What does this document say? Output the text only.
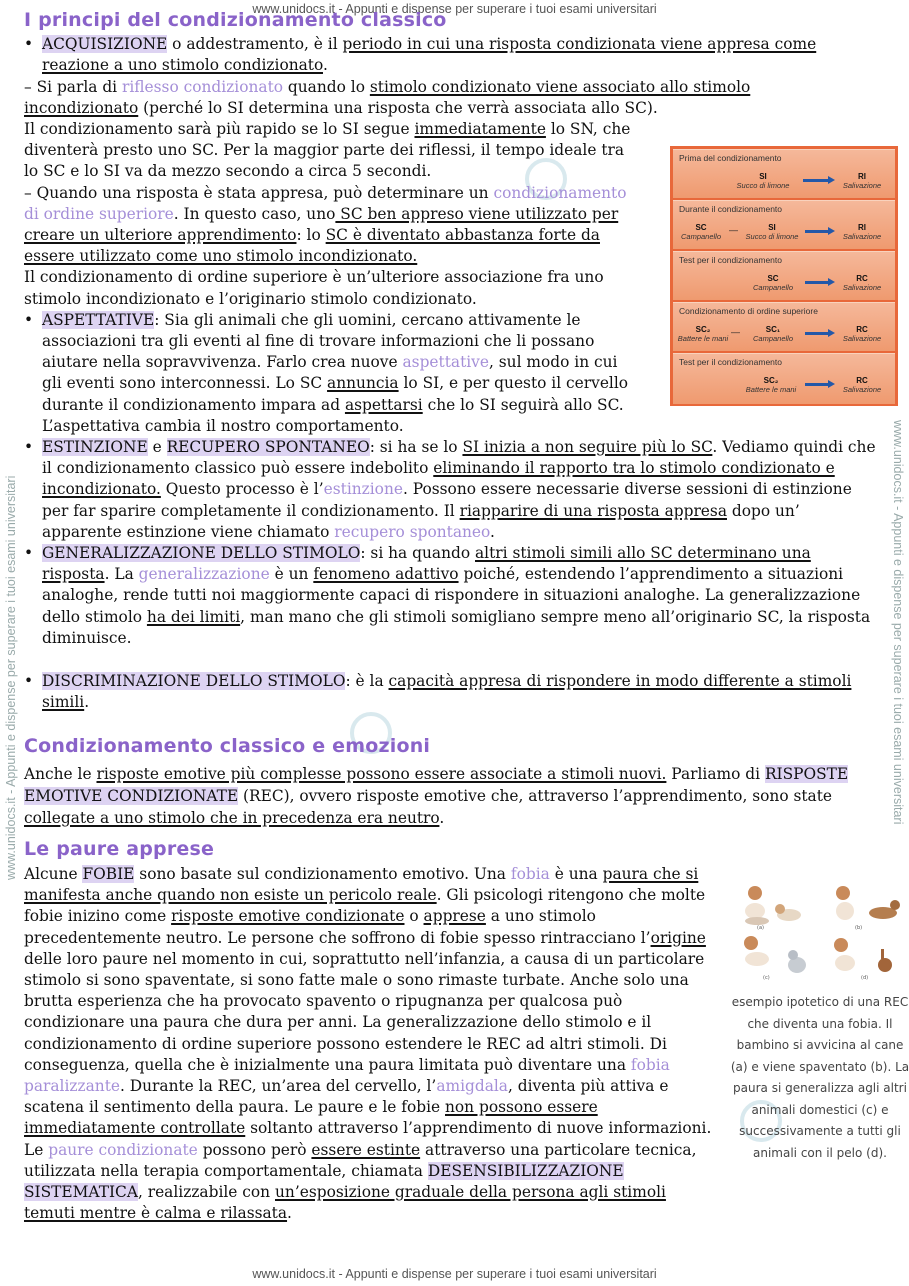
www.unidocs.it - Appunti e dispense per superare i tuoi esami universitari
www.unidocs.it - Appunti e dispense per superare i tuoi esami universitari
www.unidocs.it - Appunti e dispense per superare i tuoi esami universitari	www.unidocs.it - Appunti e dispense per superare i tuoi esami universitari
I principi del condizionamento classico
• ACQUISIZIONE o addestramento, è il periodo in cui una risposta condizionata viene appresa come reazione a uno stimolo condizionato.

– Si parla di riflesso condizionato quando lo stimolo condizionato viene associato allo stimolo incondizionato (perché lo SI determina una risposta che verrà associata allo SC).

Il condizionamento sarà più rapido se lo SI segue immediatamente lo SN, che diventerà presto uno SC. Per la maggior parte dei riflessi, il tempo ideale tra lo SC e lo SI va da mezzo secondo a circa 5 secondi.

– Quando una risposta è stata appresa, può determinare un condizionamento di ordine superiore. In questo caso, uno SC ben appreso viene utilizzato per creare un ulteriore apprendimento: lo SC è diventato abbastanza forte da essere utilizzato come uno stimolo incondizionato.

Il condizionamento di ordine superiore è un’ulteriore associazione fra uno stimolo incondizionato e l’originario stimolo condizionato.

• ASPETTATIVE: Sia gli animali che gli uomini, cercano attivamente le associazioni tra gli eventi al fine di trovare informazioni che li possano aiutare nella sopravvivenza. Farlo crea nuove aspettative, sul modo in cui gli eventi sono interconnessi. Lo SC annuncia lo SI, e per questo il cervello durante il condizionamento impara ad aspettarsi che lo SI seguirà allo SC. L’aspettativa cambia il nostro comportamento.
• ESTINZIONE e RECUPERO SPONTANEO: si ha se lo SI inizia a non seguire più lo SC. Vediamo quindi che il condizionamento classico può essere indebolito eliminando il rapporto tra lo stimolo condizionato e incondizionato. Questo processo è l’estinzione. Possono essere necessarie diverse sessioni di estinzione per far sparire completamente il condizionamento. Il riapparire di una risposta appresa dopo un’ apparente estinzione viene chiamato recupero spontaneo.
• GENERALIZZAZIONE DELLO STIMOLO: si ha quando altri stimoli simili allo SC determinano una risposta. La generalizzazione è un fenomeno adattivo poiché, estendendo l’apprendimento a situazioni analoghe, rende tutti noi maggiormente capaci di rispondere in situazioni analoghe. La generalizzazione dello stimolo ha dei limiti, man mano che gli stimoli somigliano sempre meno all’originario SC, la risposta diminuisce.
• DISCRIMINAZIONE DELLO STIMOLO: è la capacità appresa di rispondere in modo differente a stimoli simili.
Condizionamento classico e emozioni

Anche le risposte emotive più complesse possono essere associate a stimoli nuovi. Parliamo di RISPOSTE EMOTIVE CONDIZIONATE (REC), ovvero risposte emotive che, attraverso l’apprendimento, sono state collegate a uno stimolo che in precedenza era neutro.

Le paure apprese

Alcune FOBIE sono basate sul condizionamento emotivo. Una fobia è una paura che si manifesta anche quando non esiste un pericolo reale. Gli psicologi ritengono che molte fobie inizino come risposte emotive condizionate o apprese a uno stimolo precedentemente neutro. Le persone che soffrono di fobie spesso rintracciano l’origine delle loro paure nel momento in cui, soprattutto nell’infanzia, a causa di un particolare stimolo si sono spaventate, si sono fatte male o sono rimaste turbate. Anche solo una brutta esperienza che ha provocato spavento o ripugnanza per qualcosa può condizionare una paura che dura per anni. La generalizzazione dello stimolo e il condizionamento di ordine superiore possono estendere le REC ad altri stimoli. Di conseguenza, quella che è inizialmente una paura limitata può diventare una fobia paralizzante. Durante la REC, un’area del cervello, l’amigdala, diventa più attiva e scatena il sentimento della paura. Le paure e le fobie non possono essere immediatamente controllate soltanto attraverso l’apprendimento di nuove informazioni.

Le paure condizionate possono però essere estinte attraverso una particolare tecnica, utilizzata nella terapia comportamentale, chiamata DESENSIBILIZZAZIONE SISTEMATICA, realizzabile con un’esposizione graduale della persona agli stimoli temuti mentre è calma e rilassata.

Prima del condizionamento
SI
Succo di limone
RI
Salivazione
Durante il condizionamento
SC
Campanello
—	SI
Succo di limone
RI
Salivazione
Test per il condizionamento
SC
Campanello
RC
Salivazione
Condizionamento di ordine superiore
SC₂
Battere le mani
—	SC₁
Campanello
RC
Salivazione
Test per il condizionamento
SC₂
Battere le mani
RC
Salivazione
(a)	(b)
(c)	(d)
esempio ipotetico di una REC che diventa una fobia. Il bambino si avvicina al cane (a) e viene spaventato (b). La paura si generalizza agli altri animali domestici (c) e successivamente a tutti gli animali con il pelo (d).
